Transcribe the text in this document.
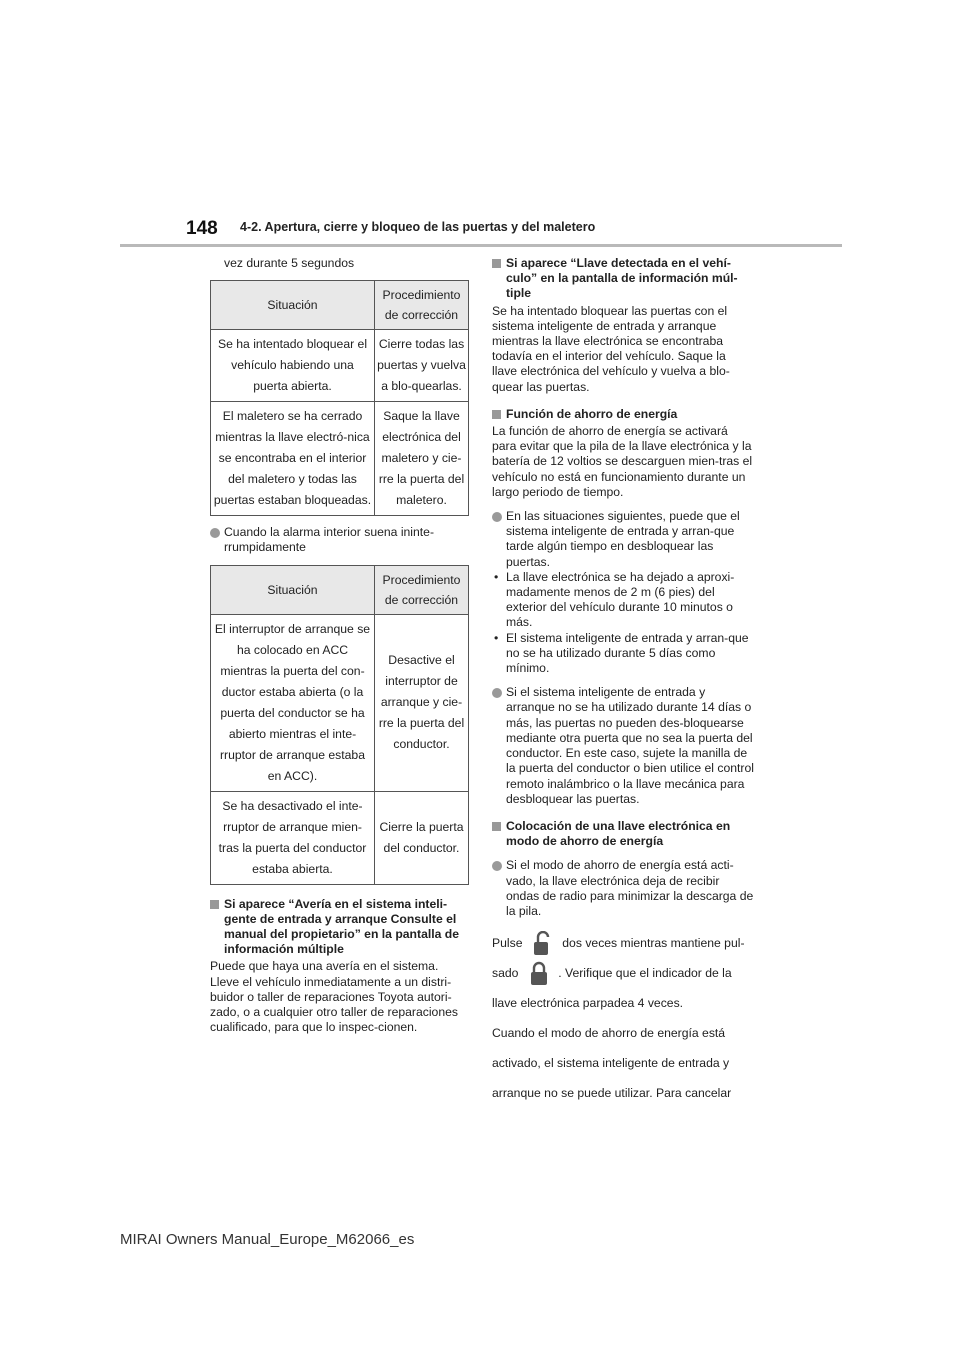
148 4-2. Apertura, cierre y bloqueo de las puertas y del maletero

vez durante 5 segundos

Situación	Procedimiento de corrección
Se ha intentado bloquear el vehículo habiendo una puerta abierta.	Cierre todas las puertas y vuelva a blo-quearlas.
El maletero se ha cerrado mientras la llave electró-nica se encontraba en el interior del maletero y todas las puertas estaban bloqueadas.	Saque la llave electrónica del maletero y cie-rre la puerta del maletero.
Cuando la alarma interior suena ininte-rrumpidamente
Situación	Procedimiento de corrección
El interruptor de arranque se ha colocado en ACC mientras la puerta del con-ductor estaba abierta (o la puerta del conductor se ha abierto mientras el inte-rruptor de arranque estaba en ACC).	Desactive el interruptor de arranque y cie-rre la puerta del conductor.
Se ha desactivado el inte-rruptor de arranque mien-tras la puerta del conductor estaba abierta.	Cierre la puerta del conductor.
Si aparece “Avería en el sistema inteli-gente de entrada y arranque Consulte el manual del propietario” en la pantalla de información múltiple

Puede que haya una avería en el sistema. Lleve el vehículo inmediatamente a un distri-buidor o taller de reparaciones Toyota autori-zado, o a cualquier otro taller de reparaciones cualificado, para que lo inspec-cionen.

Si aparece “Llave detectada en el vehí-culo” en la pantalla de información múl-tiple

Se ha intentado bloquear las puertas con el sistema inteligente de entrada y arranque mientras la llave electrónica se encontraba todavía en el interior del vehículo. Saque la llave electrónica del vehículo y vuelva a blo-quear las puertas.

Función de ahorro de energía

La función de ahorro de energía se activará para evitar que la pila de la llave electrónica y la batería de 12 voltios se descarguen mien-tras el vehículo no está en funcionamiento durante un largo periodo de tiempo.

En las situaciones siguientes, puede que el sistema inteligente de entrada y arran-que tarde algún tiempo en desbloquear las puertas.
• La llave electrónica se ha dejado a aproxi-madamente menos de 2 m (6 pies) del exterior del vehículo durante 10 minutos o más.
• El sistema inteligente de entrada y arran-que no se ha utilizado durante 5 días como mínimo.
Si el sistema inteligente de entrada y arranque no se ha utilizado durante 14 días o más, las puertas no pueden des-bloquearse mediante otra puerta que no sea la puerta del conductor. En este caso, sujete la manilla de la puerta del conductor o bien utilice el control remoto inalámbrico o la llave mecánica para desbloquear las puertas.
Colocación de una llave electrónica en modo de ahorro de energía
Si el modo de ahorro de energía está acti-vado, la llave electrónica deja de recibir ondas de radio para minimizar la descarga de la pila.

Pulse	dos veces mientras mantiene pul-

sado	. Verifique que el indicador de la

llave electrónica parpadea 4 veces.

Cuando el modo de ahorro de energía está

activado, el sistema inteligente de entrada y

arranque no se puede utilizar. Para cancelar

MIRAI Owners Manual_Europe_M62066_es
